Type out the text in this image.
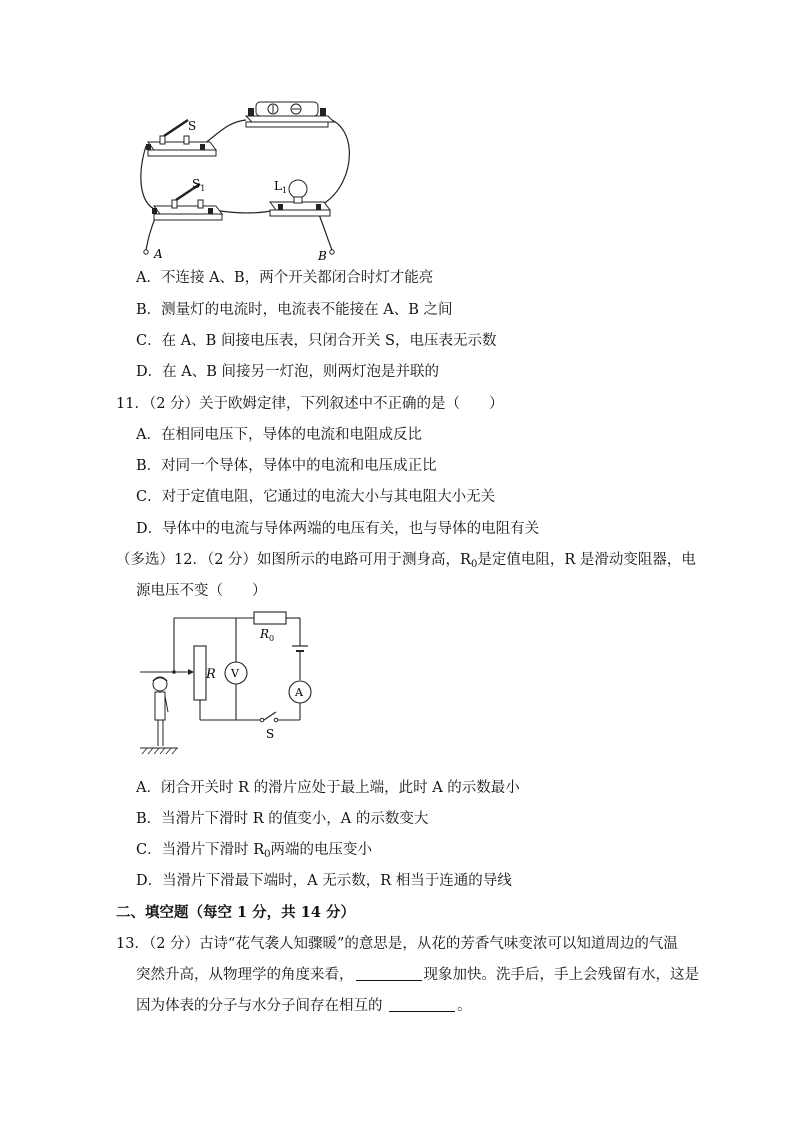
S
$S_1$	$L_1$
A	B
A．不连接 A、B，两个开关都闭合时灯才能亮
B．测量灯的电流时，电流表不能接在 A、B 之间
C．在 A、B 间接电压表，只闭合开关 S，电压表无示数
D．在 A、B 间接另一灯泡，则两灯泡是并联的
11．（2 分）关于欧姆定律，下列叙述中不正确的是（　　）
A．在相同电压下，导体的电流和电阻成反比
B．对同一个导体，导体中的电流和电压成正比
C．对于定值电阻，它通过的电流大小与其电阻大小无关
D．导体中的电流与导体两端的电压有关，也与导体的电阻有关
（多选）12．（2 分）如图所示的电路可用于测身高，$R_0$是定值电阻，R 是滑动变阻器，电
源电压不变（　　）
$R_0$
A
S
V
R
A．闭合开关时 R 的滑片应处于最上端，此时 A 的示数最小
B．当滑片下滑时 R 的值变小，A 的示数变大
C．当滑片下滑时 $R_0$两端的电压变小
D．当滑片下滑最下端时，A 无示数，R 相当于连通的导线
二、填空题（每空 1 分，共 14 分）
13．（2 分）古诗“花气袭人知骤暖”的意思是，从花的芳香气味变浓可以知道周边的气温
突然升高，从物理学的角度来看，	现象加快。洗手后，手上会残留有水，这是
因为体表的分子与水分子间存在相互的	。
